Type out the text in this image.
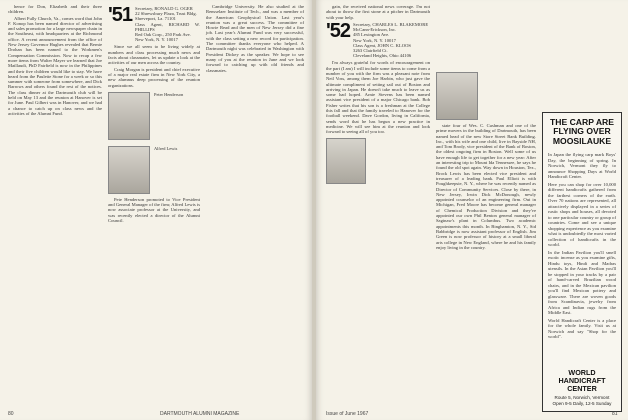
hence for Don, Elizabeth and their three children.

Albert Fully Church, Va., comes word that John F. Konop has been named director of advertising and sales promotion for a large newspaper chain in the Southeast, with headquarters at the Richmond office. A recent announcement from the office of New Jersey Governor Hughes revealed that Bernie Drohan has been named to the Workmen's Compensation Commission. Now to recap a few more items from Walter Mayer we learned that Joe Maillaudi, PhD Fairfield is now in the Philippines and their five children would like to stay. We have heard from the Paulette Stone for a week or so this summer with someone from somewhere, and Dick Barrows and others found the rest of the notices. The class dinner at the Dartmouth club will be held on May 13 and the reunion at Hanover is set for June. Paul Gilbert was in Hanover, and we had a chance to catch up on class news and the activities of the Alumni Fund.

'51 Secretary, RONALD G. OGER
22 Shrewsbury Plaza, Trust Bldg.
Shreveport, La. 71101
Class Agent, RICHARD W. PHILLIPS
Red Oak Corp., 250 Park Ave.
New York, N. Y. 10017

Since we all seem to be living widely at numbers and class processing much news and facts about classmates, let us update a look at the activities of our men across the country.

Craig Morgan is president and chief executive of a major real estate firm in New York City, a new alumnus deep processing of the reunion organizations.

Peter Henderson
Alfred Lewis

Pete Henderson promoted to Vice President and General Manager of the firm; Alfred Lewis is now associate professor at the University, and was recently elected a director of the Alumni Council.

Cambridge University. He also studied at the Rensselaer Institute of Tech., and was a member of the American Geophysical Union. Last year's reunion was a great success. The committee of Howie Read and the men of New Jersey did a fine job. Last year's Alumni Fund was very successful, with the class setting a new record for participation. The committee thanks everyone who helped. A Dartmouth night was celebrated in Washington with President Dickey as the speaker. We hope to see many of you at the reunion in June and we look forward to catching up with old friends and classmates.

80	DARTMOUTH ALUMNI MAGAZINE

gain, the received national news coverage. I'm not about to throw the first stone at a pitcher in Dartmouth with your help.

'52 Secretary, CHARLES L. BLAKEMORE
McCann-Erickson, Inc.
485 Lexington Ave.
New York, N. Y. 10017
Class Agent, JOHN C. KLOOS
3263 Clairfield Ct.
Cleveland Heights, Ohio 44106

I'm always grateful for words of encouragement on the part (I am) I will include some items to come from a number of you with the firm was a pleasant note from Neil Voss, among them Joe Harbin, who just gave the ultimate compliment of setting sail out of Boston and arriving in Japan. He doesn't take much to leave us as some had hoped. Arnie Stevens has been named assistant vice president of a major Chicago bank. Bob Fisher writes that his son is a freshman at the College this fall and that the family traveled to Hanover for the football weekend. Dave Gordon, living in California, sends word that he has begun a new practice in medicine. We will see him at the reunion and look forward to seeing all of you too.

state four of Wes. C. Cushman and one of the prime movers in the building of Dartmouth, has been named head of the new Store Street Bank Building. Inc., with his wife and one child, live in Bayside NH, and Tom Brody, vice president of the Bank of Boston, the oldest ongoing firm in Boston. Well some of us have enough life to get together for a new year: After an interesting trip to Mount Ida Tennessee, he says he found the old spot again. Way down in Houston, Tex., Brock Lewis has been elected vice president and treasurer of a leading bank. Paul Elliott is with Poughkeepsie, N. Y., where he was recently named as Director of Community Services. Close by there, in New Jersey, Irwin Dick McDonough, newly appointed counselor of an engineering firm. Out in Michigan, Fred Moore has become general manager of Chemical Production Division and they've appointed our own Phil Benton general manager of Saginaw's plant in Columbus. Two academic appointments this month. In Binghamton, N. Y., Sid Babbridge is now assistant professor of English. Jim Green is now professor of history at a small liberal arts college in New England, where he and his family enjoy living in the country.

THE CARP ARE FLYING OVER MOOSILAUKE

In Japan the flying carp mark Boys' Day, the beginning of spring. In Norwich, Vermont they fly to announce Shopping Days at World Handicraft Center.

Here you can shop for over 10,000 different handicrafts gathered from the farthest corners of the earth. Over 70 nations are represented, all attractively displayed in a series of rustic shops and houses, all devoted to one particular country or group of countries. Come and see a unique shopping experience as you examine what is undoubtedly the most varied collection of handicrafts in the world.

In the Indian Pavilion you'll smell exotic incense as you examine gifts, Hindu toys, Hindi and Madras utensils. In the Asian Pavilion you'll be stopped in your tracks by a pair of hand-carved Brazilian wood chairs, and in the Mexican pavilion you'll find Mexican pottery and glassware. There are woven goods from Scandinavia, jewelry from Africa and Indian rugs from the Middle East.

World Handicraft Center is a place for the whole family. Visit us at Norwich and say "Shop for the world".

WORLD HANDICRAFT CENTER
Route 5, Norwich, Vermont
Open 9-5 Daily, 12-5 Sunday
Issue of June 1967	81
